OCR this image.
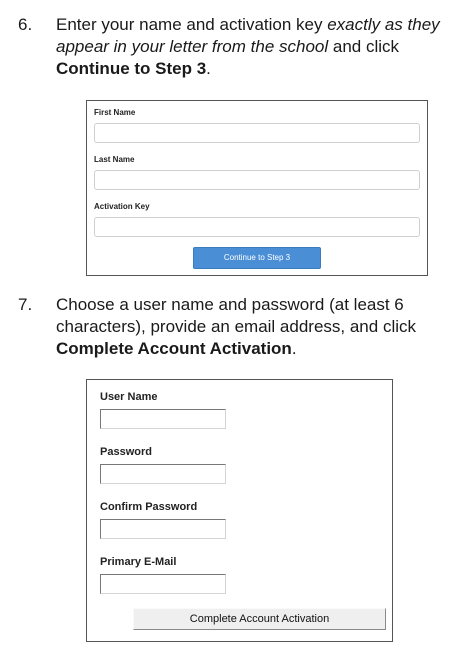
6. Enter your name and activation key exactly as they appear in your letter from the school and click Continue to Step 3.
First Name
Last Name
Activation Key
Continue to Step 3
7. Choose a user name and password (at least 6 characters), provide an email address, and click Complete Account Activation.
User Name
Password
Confirm Password
Primary E-Mail
Complete Account Activation
